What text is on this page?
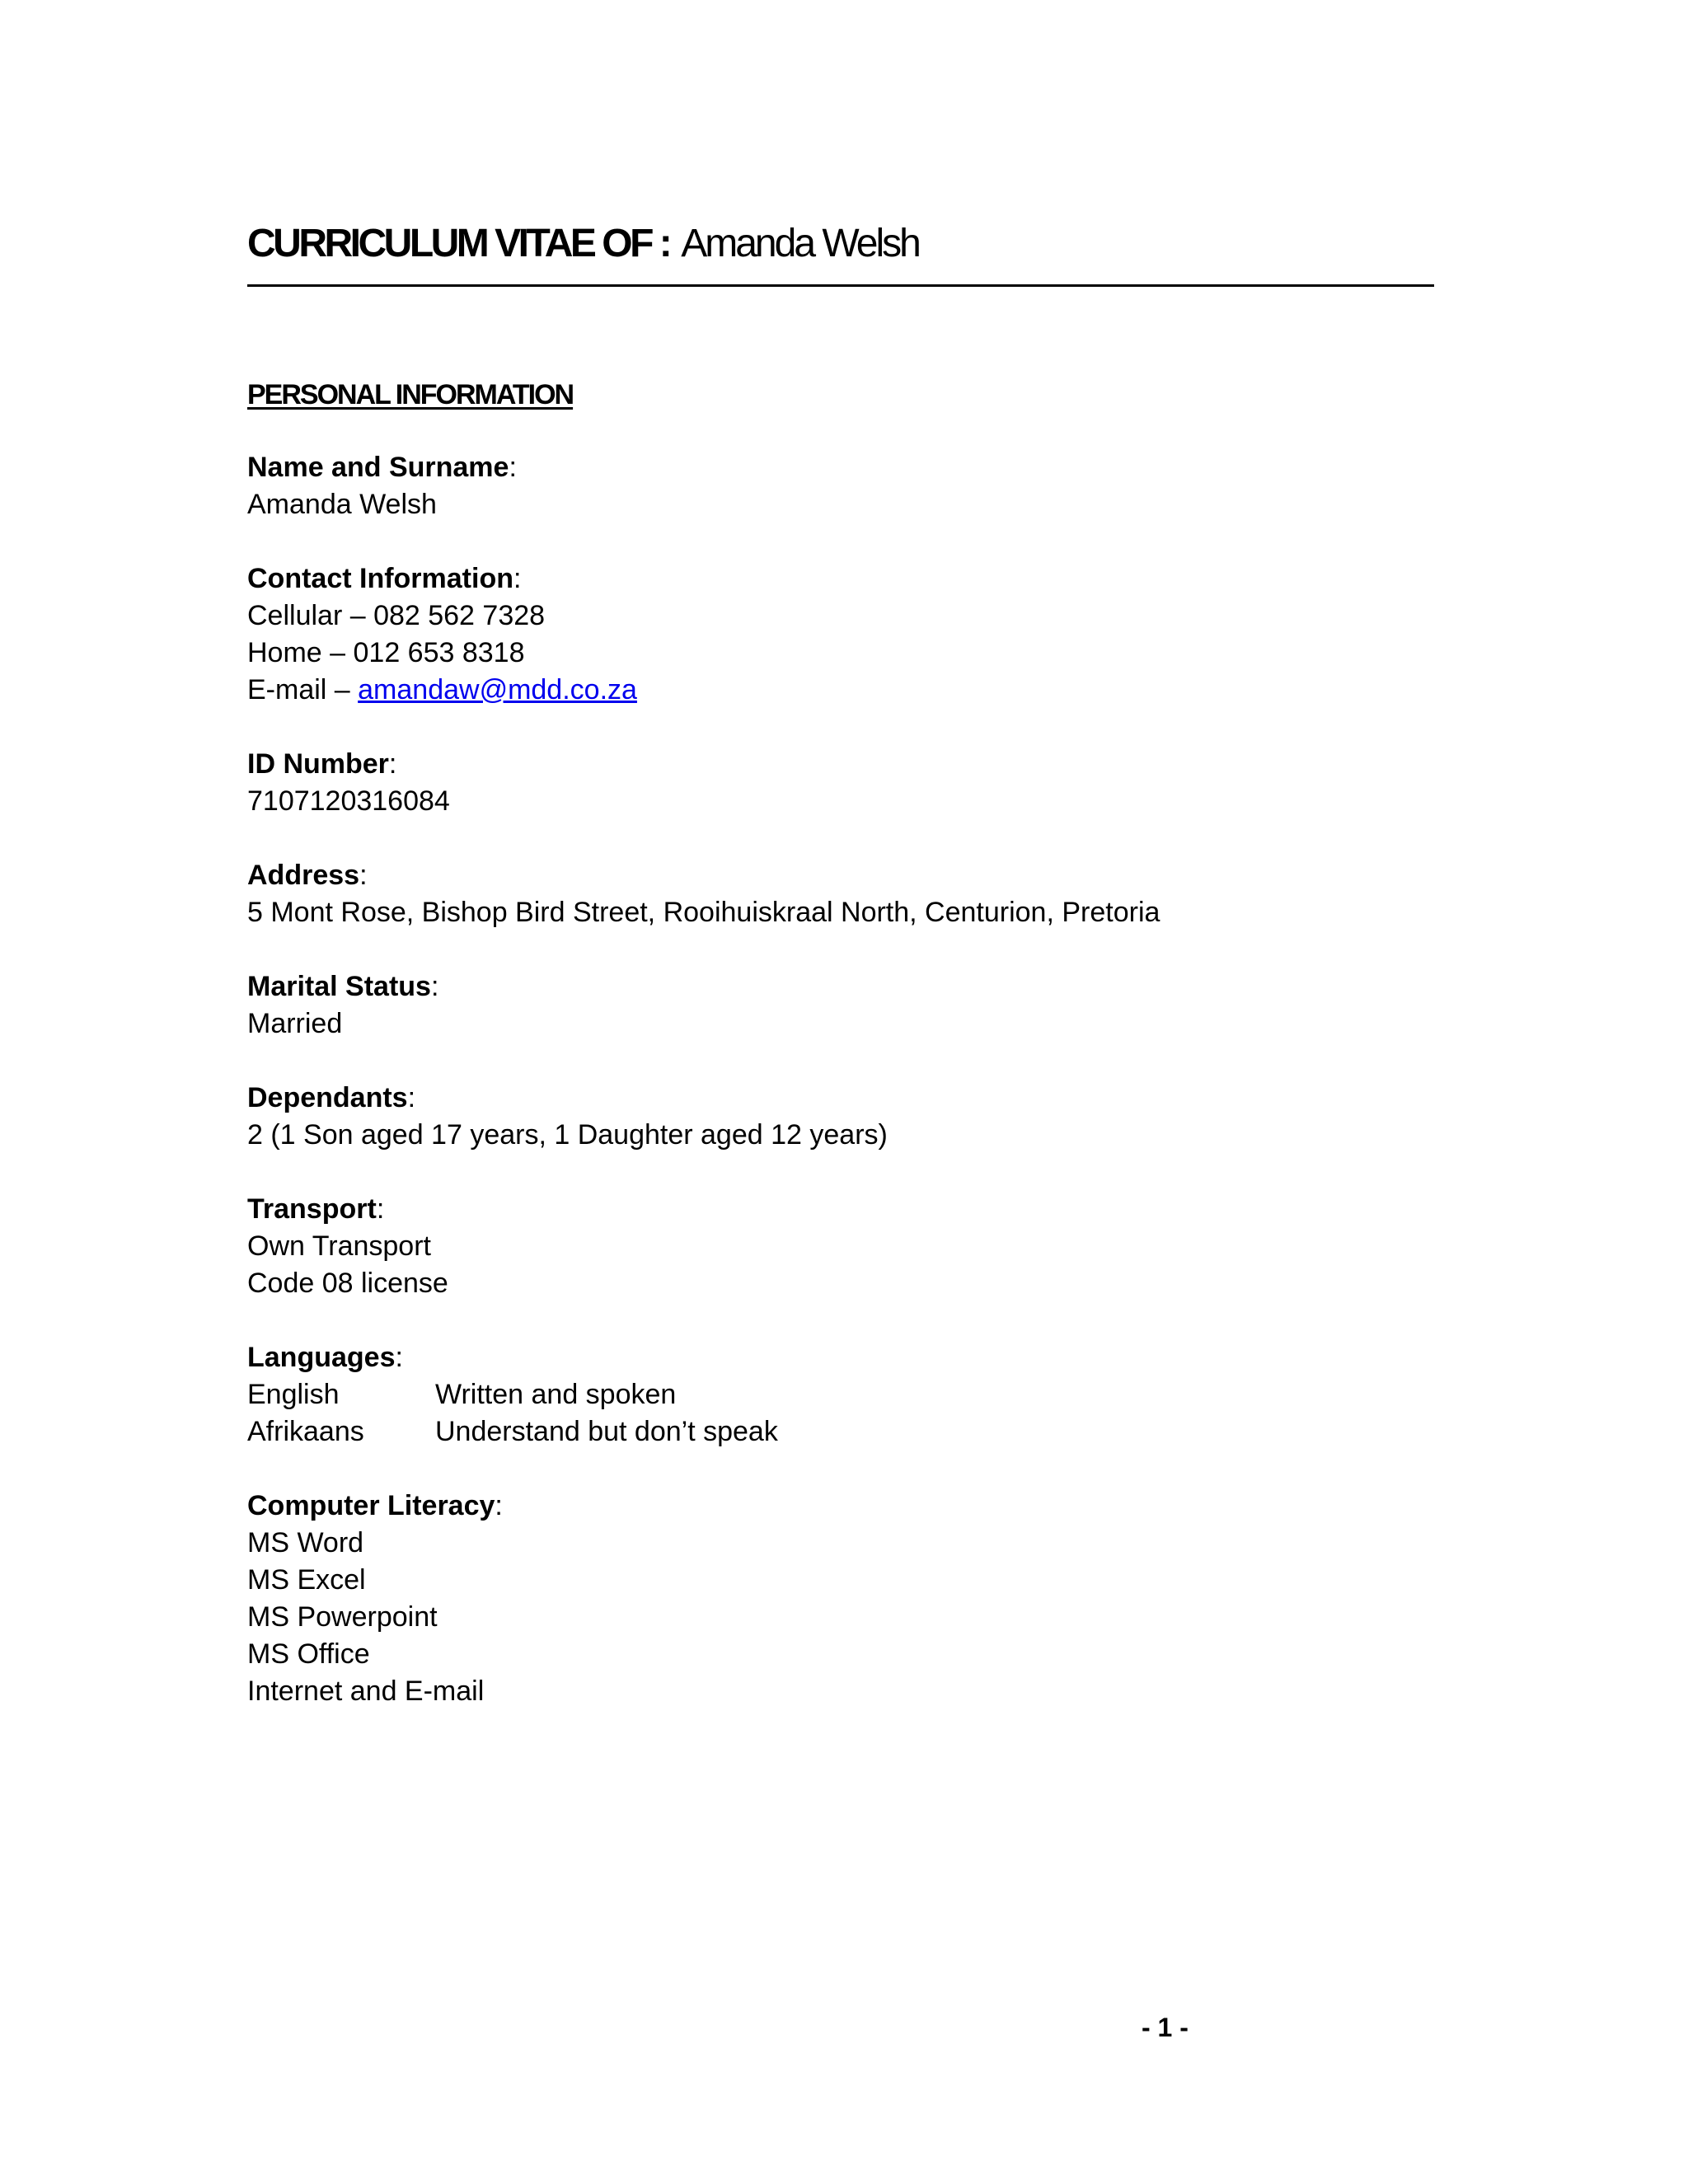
CURRICULUM VITAE OF : Amanda Welsh
PERSONAL INFORMATION
Name and Surname:
Amanda Welsh
Contact Information:
Cellular – 082 562 7328
Home – 012 653 8318
E-mail – amandaw@mdd.co.za
ID Number:
7107120316084
Address:
5 Mont Rose, Bishop Bird Street, Rooihuiskraal North, Centurion, Pretoria
Marital Status:
Married
Dependants:
2 (1 Son aged 17 years, 1 Daughter aged 12 years)
Transport:
Own Transport
Code 08 license
Languages:
English	Written and spoken
Afrikaans	Understand but don’t speak
Computer Literacy:
MS Word
MS Excel
MS Powerpoint
MS Office
Internet and E-mail
- 1 -
